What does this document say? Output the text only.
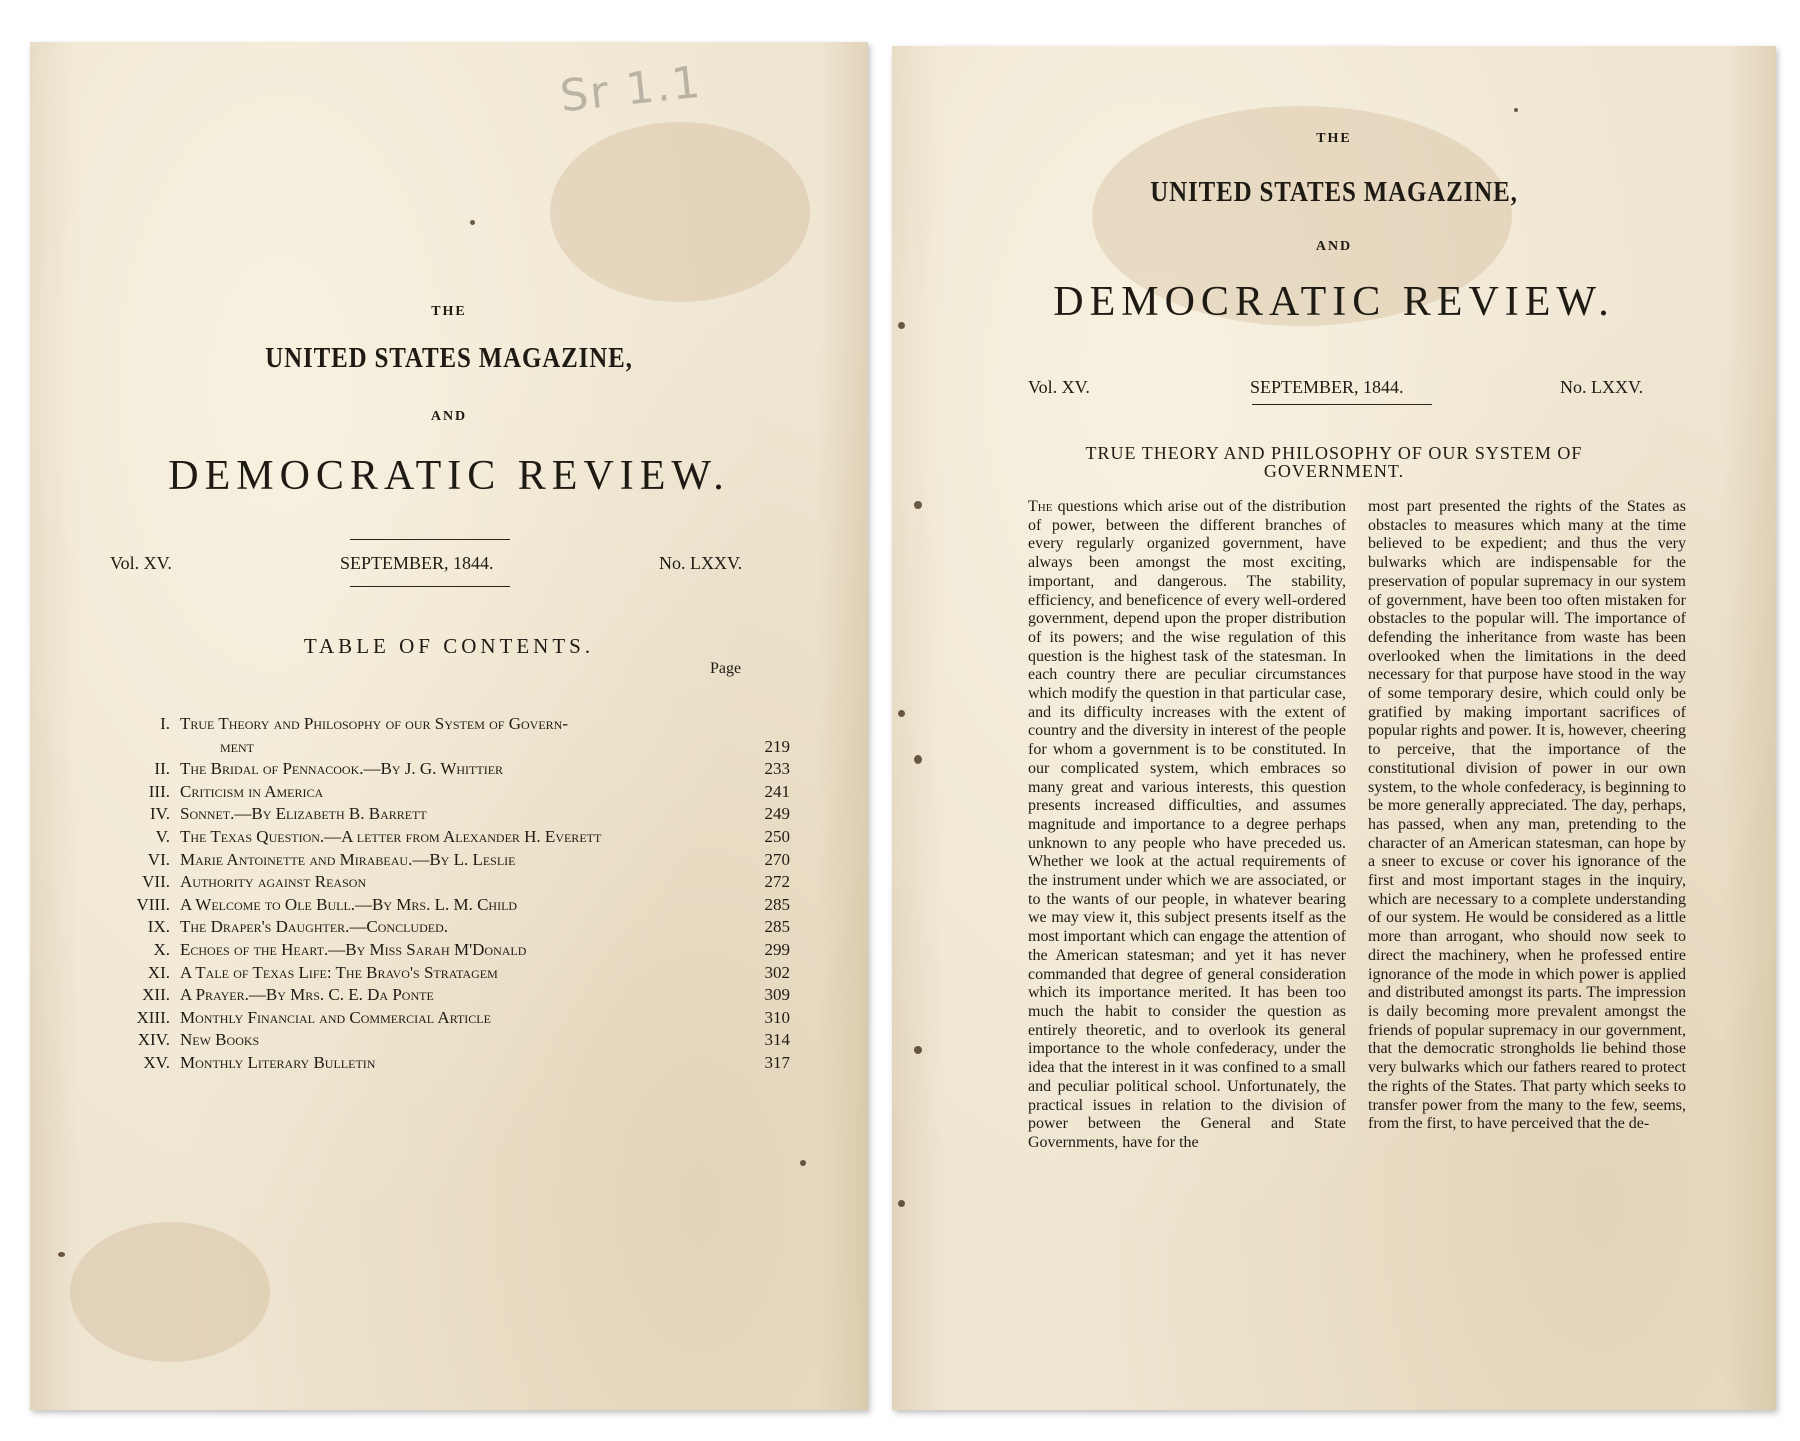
Sr 1.1
THE
UNITED STATES MAGAZINE,
AND
DEMOCRATIC REVIEW.
Vol. XV.	SEPTEMBER, 1844.	No. LXXV.
TABLE OF CONTENTS.
Page
I. True Theory and Philosophy of our System of Govern-
ment	219
II. The Bridal of Pennacook.—By J. G. Whittier	233
III. Criticism in America	241
IV. Sonnet.—By Elizabeth B. Barrett	249
V. The Texas Question.—A letter from Alexander H. Everett	250
VI. Marie Antoinette and Mirabeau.—By L. Leslie	270
VII. Authority against Reason	272
VIII. A Welcome to Ole Bull.—By Mrs. L. M. Child	285
IX. The Draper's Daughter.—Concluded.	285
X. Echoes of the Heart.—By Miss Sarah M'Donald	299
XI. A Tale of Texas Life: The Bravo's Stratagem	302
XII. A Prayer.—By Mrs. C. E. Da Ponte	309
XIII. Monthly Financial and Commercial Article	310
XIV. New Books	314
XV. Monthly Literary Bulletin	317
THE
UNITED STATES MAGAZINE,
AND
DEMOCRATIC REVIEW.
Vol. XV.	SEPTEMBER, 1844.	No. LXXV.
TRUE THEORY AND PHILOSOPHY OF OUR SYSTEM OF
GOVERNMENT.

The questions which arise out of the distribution of power, between the different branches of every regularly organized government, have always been amongst the most exciting, important, and dangerous. The stability, efficiency, and beneficence of every well-ordered government, depend upon the proper distribution of its powers; and the wise regulation of this question is the highest task of the statesman. In each country there are peculiar circumstances which modify the question in that particular case, and its difficulty increases with the extent of country and the diversity in interest of the people for whom a government is to be constituted. In our complicated system, which embraces so many great and various interests, this question presents increased difficulties, and assumes magnitude and importance to a degree perhaps unknown to any people who have preceded us. Whether we look at the actual requirements of the instrument under which we are associated, or to the wants of our people, in whatever bearing we may view it, this subject presents itself as the most important which can engage the attention of the American statesman; and yet it has never commanded that degree of general consideration which its importance merited. It has been too much the habit to consider the question as entirely theoretic, and to overlook its general importance to the whole confederacy, under the idea that the interest in it was confined to a small and peculiar political school. Unfortunately, the practical issues in relation to the division of power between the General and State Governments, have for the

most part presented the rights of the States as obstacles to measures which many at the time believed to be expedient; and thus the very bulwarks which are indispensable for the preservation of popular supremacy in our system of government, have been too often mistaken for obstacles to the popular will. The importance of defending the inheritance from waste has been overlooked when the limitations in the deed necessary for that purpose have stood in the way of some temporary desire, which could only be gratified by making important sacrifices of popular rights and power. It is, however, cheering to perceive, that the importance of the constitutional division of power in our own system, to the whole confederacy, is beginning to be more generally appreciated. The day, perhaps, has passed, when any man, pretending to the character of an American statesman, can hope by a sneer to excuse or cover his ignorance of the first and most important stages in the inquiry, which are necessary to a complete understanding of our system. He would be considered as a little more than arrogant, who should now seek to direct the machinery, when he professed entire ignorance of the mode in which power is applied and distributed amongst its parts. The impression is daily becoming more prevalent amongst the friends of popular supremacy in our government, that the democratic strongholds lie behind those very bulwarks which our fathers reared to protect the rights of the States. That party which seeks to transfer power from the many to the few, seems, from the first, to have perceived that the de-
